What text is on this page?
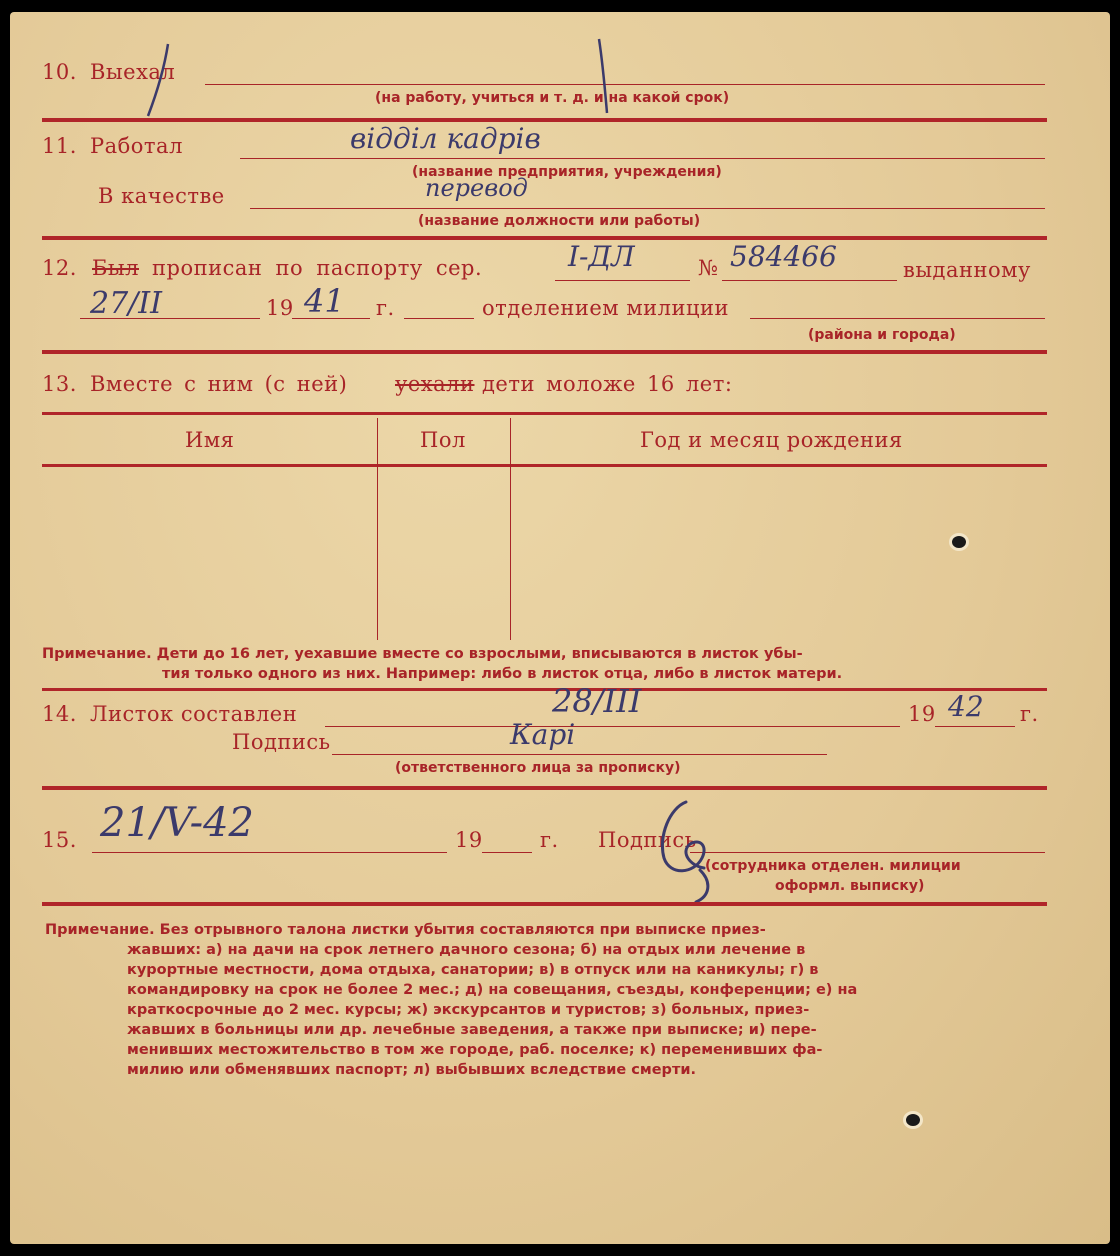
10. Выехал
(на работу, учиться и т. д. и на какой срок)
11. Работал	відділ кадрів
(название предприятия, учреждения)
В качестве	перевод
(название должности или работы)
12. Был прописан по паспорту сер.	I-ДЛ	№ 584466	выданному
27/II	19 41 г.	отделением милиции
(района и города)
13. Вместе с ним (с ней) уехали дети моложе 16 лет:
Имя	Пол	Год и месяц рождения
Примечание. Дети до 16 лет, уехавшие вместе со взрослыми, вписываются в листок убы-
тия только одного из них. Например: либо в листок отца, либо в листок матери.
14. Листок составлен	28/III	19 42 г.
Подпись	Карі
(ответственного лица за прописку)
15. 21/V-42	19	г. Подпись
(сотрудника отделен. милиции
оформл. выписку)
Примечание. Без отрывного талона листки убытия составляются при выписке приез-
жавших: а) на дачи на срок летнего дачного сезона; б) на отдых или лечение в
курортные местности, дома отдыха, санатории; в) в отпуск или на каникулы; г) в
командировку на срок не более 2 мес.; д) на совещания, съезды, конференции; е) на
краткосрочные до 2 мес. курсы; ж) экскурсантов и туристов; з) больных, приез-
жавших в больницы или др. лечебные заведения, а также при выписке; и) пере-
менивших местожительство в том же городе, раб. поселке; к) переменивших фа-
милию или обменявших паспорт; л) выбывших вследствие смерти.
